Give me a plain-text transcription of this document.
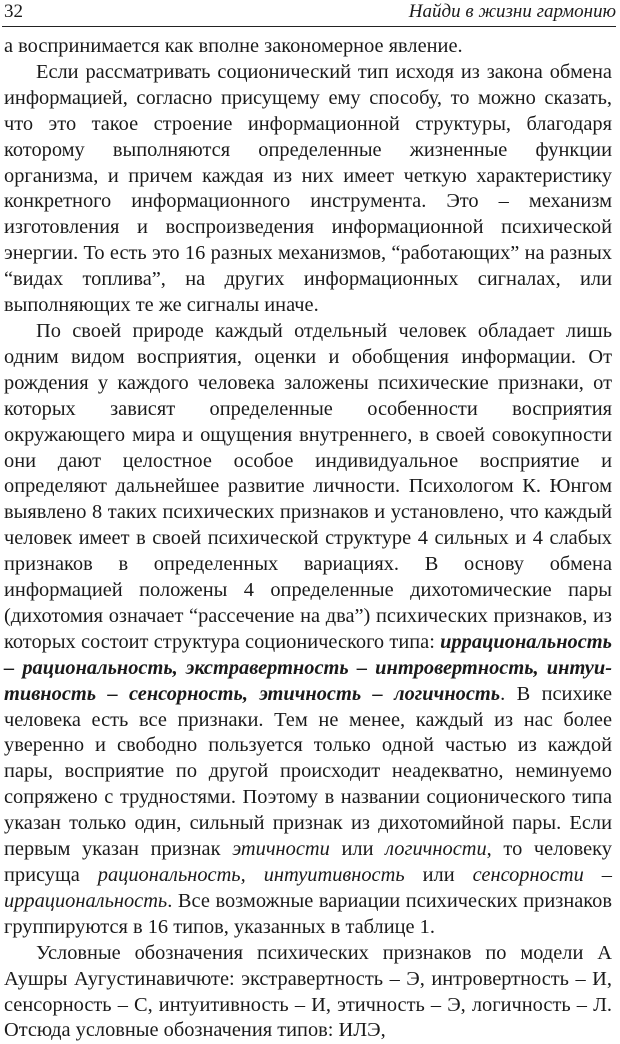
32	Найди в жизни гармонию

а воспринимается как вполне закономерное явление.

Если рассматривать соционический тип исходя из закона обмена информацией, согласно присущему ему способу, то можно сказать, что это такое строение информационной структуры, благодаря которому выполняются определенные жизненные функции организма, и причем каждая из них имеет четкую характеристику конкретного информационного инструмента. Это – механизм изготовления и воспроизведения информационной психической энергии. То есть это 16 разных механизмов, “работающих” на разных “видах топлива”, на других информационных сигналах, или выполняющих те же сигналы иначе.

По своей природе каждый отдельный человек обладает лишь одним видом восприятия, оценки и обобщения информации. От рождения у каждого человека заложены психические признаки, от которых зависят определенные особенности восприятия окружающего мира и ощущения внутреннего, в своей совокупности они дают целостное особое индивидуальное восприятие и определяют дальнейшее развитие личности. Психологом К. Юнгом выявлено 8 таких психических признаков и установлено, что каждый человек имеет в своей психической структуре 4 сильных и 4 слабых признаков в определенных вариациях. В основу обмена информацией положены 4 определенные дихотомические пары (дихотомия означает “рассечение на два”) психических признаков, из которых состоит структура соционического типа: иррациональность – рациональность, экстравертность – интровертность, интуитивность – сенсорность, этичность – логичность. В психике человека есть все признаки. Тем не менее, каждый из нас более уверенно и свободно пользуется только одной частью из каждой пары, восприятие по другой происходит неадекватно, неминуемо сопряжено с трудностями. Поэтому в названии соционического типа указан только один, сильный признак из дихотомийной пары. Если первым указан признак этичности или логичности, то человеку присуща рациональность, интуитивность или сенсорности – иррациональность. Все возможные вариации психических признаков группируются в 16 типов, указанных в таблице 1.

Условные обозначения психических признаков по модели А Аушры Аугустинавичюте: экстравертность – Э, интровертность – И, сенсорность – С, интуитивность – И, этичность – Э, логичность – Л. Отсюда условные обозначения типов: ИЛЭ,
